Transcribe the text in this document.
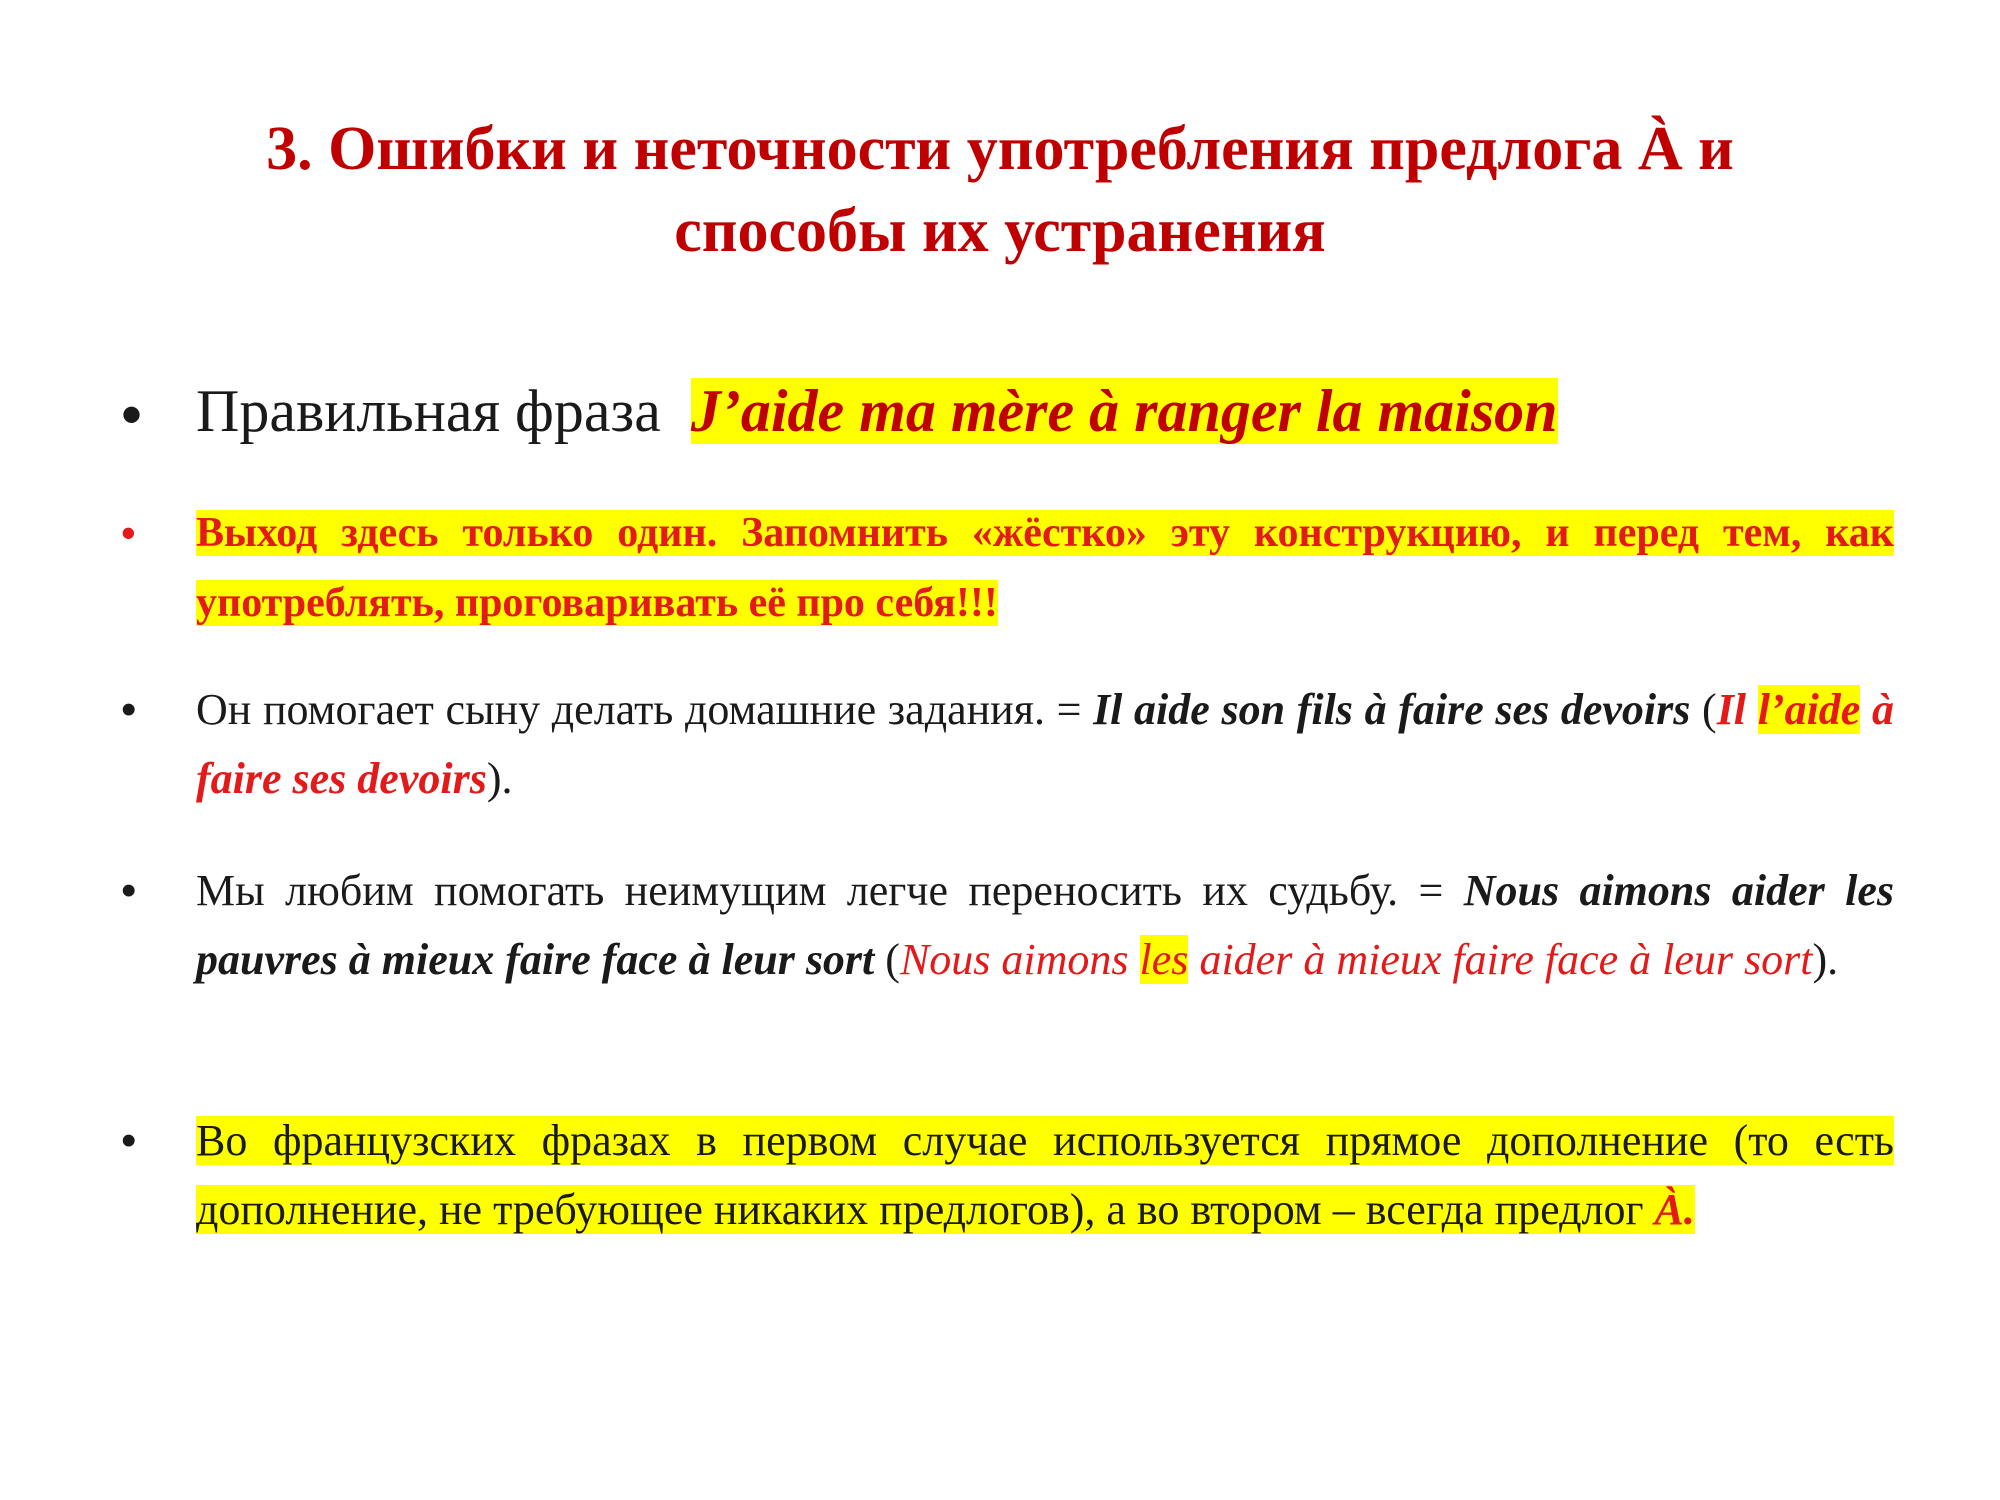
3. Ошибки и неточности употребления предлога À и
способы их устранения
• Правильная фраза J’aide ma mère à ranger la maison
•	Выход здесь только один. Запомнить «жёстко» эту конструкцию, и перед тем, как употреблять, проговаривать её про себя!!!
•	Он помогает сыну делать домашние задания. = Il aide son fils à faire ses devoirs (Il l’aide à faire ses devoirs).
•	Мы любим помогать неимущим легче переносить их судьбу. = Nous aimons aider les pauvres à mieux faire face à leur sort (Nous aimons les aider à mieux faire face à leur sort).
•	Во французских фразах в первом случае используется прямое дополнение (то есть дополнение, не требующее никаких предлогов), а во втором – всегда предлог À.
